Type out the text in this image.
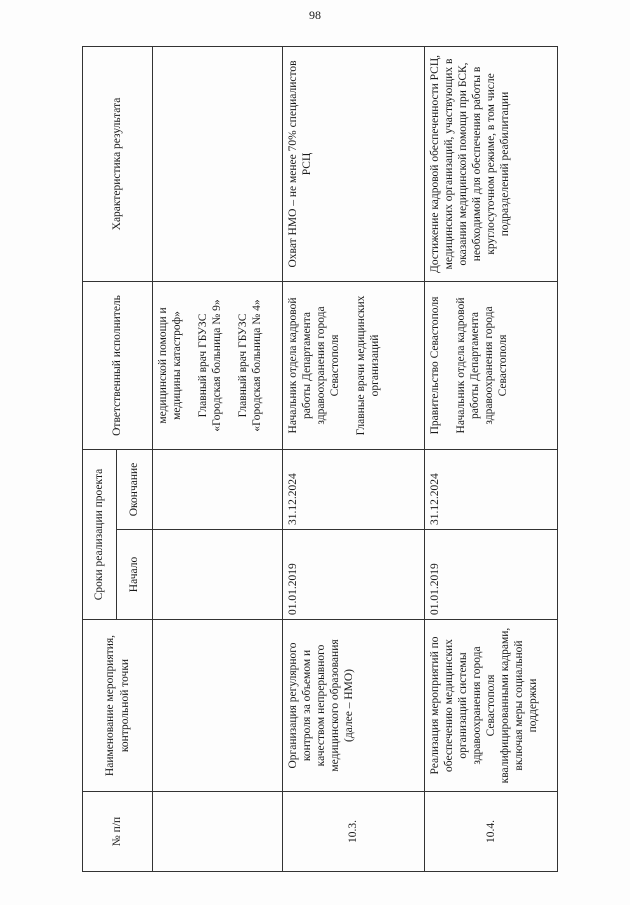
98
№ п/п	Наименование мероприятия, контрольной точки	Сроки реализации проекта		Ответственный исполнитель	Характеристика результата
		Начало	Окончание		

				медицинской помощи и медицины катастроф» Главный врач ГБУЗС «Городская больница № 9» Главный врач ГБУЗС «Городская больница № 4»	

10.3.	Организация регулярного контроля за объемом и качеством непрерывного медицинского образования (далее – НМО)	01.01.2019	31.12.2024	Начальник отдела кадровой работы Департамента здравоохранения города Севастополя Главные врачи медицинских организаций	Охват НМО – не менее 70% специалистов РСЦ
10.4.	Реализация мероприятий по обеспечению медицинских организаций системы здравоохранения города Севастополя квалифицированными кадрами, включая меры социальной поддержки	01.01.2019	31.12.2024	Правительство Севастополя Начальник отдела кадровой работы Департамента здравоохранения города Севастополя	Достижение кадровой обеспеченности РСЦ, медицинских организаций, участвующих в оказании медицинской помощи при БСК, необходимой для обеспечения работы в круглосуточном режиме, в том числе подразделений реабилитации
